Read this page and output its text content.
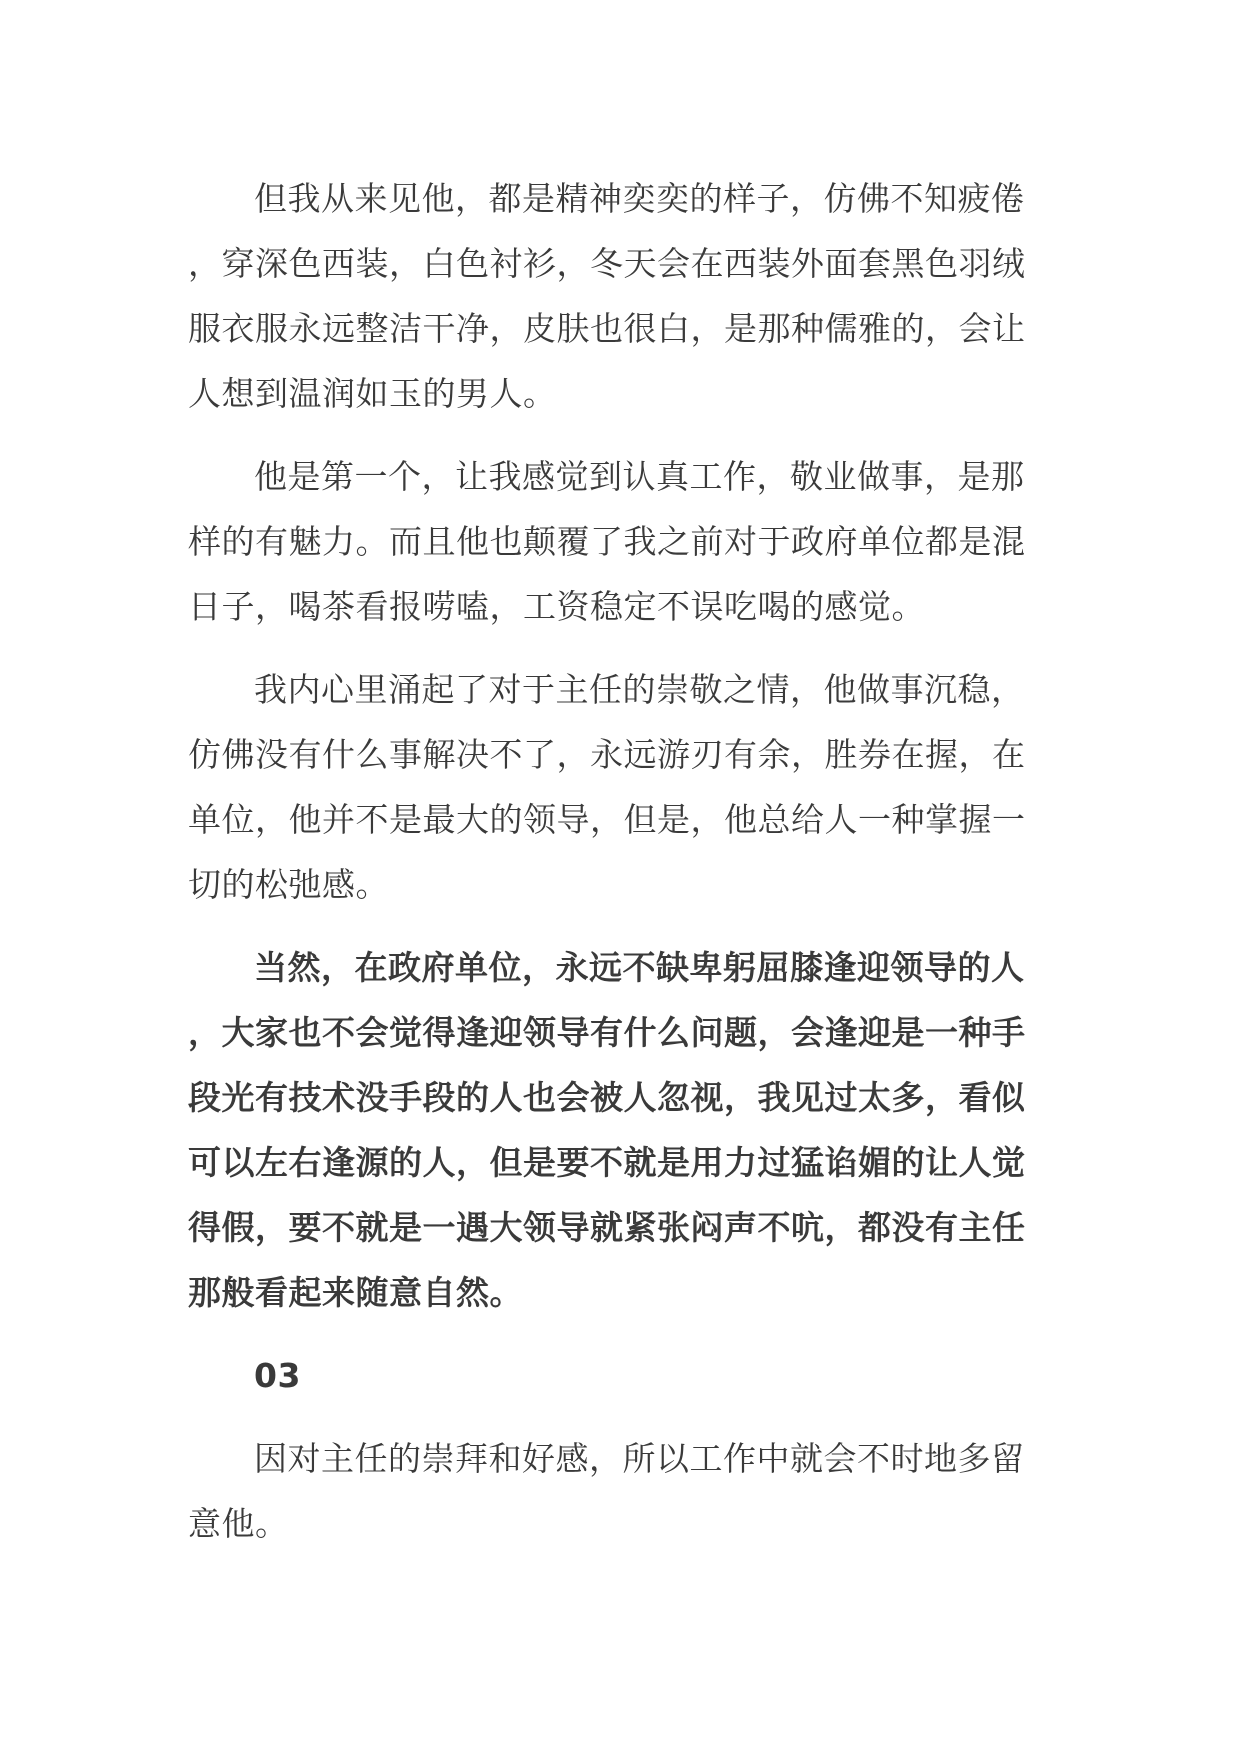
但我从来见他，都是精神奕奕的样子，仿佛不知疲倦，穿深色西装，白色衬衫，冬天会在西装外面套黑色羽绒服衣服永远整洁干净，皮肤也很白，是那种儒雅的，会让人想到温润如玉的男人。

他是第一个，让我感觉到认真工作，敬业做事，是那样的有魅力。而且他也颠覆了我之前对于政府单位都是混日子，喝茶看报唠嗑，工资稳定不误吃喝的感觉。

我内心里涌起了对于主任的崇敬之情，他做事沉稳，仿佛没有什么事解决不了，永远游刃有余，胜券在握，在单位，他并不是最大的领导，但是，他总给人一种掌握一切的松弛感。

当然，在政府单位，永远不缺卑躬屈膝逢迎领导的人，大家也不会觉得逢迎领导有什么问题，会逢迎是一种手段光有技术没手段的人也会被人忽视，我见过太多，看似可以左右逢源的人，但是要不就是用力过猛谄媚的让人觉得假，要不就是一遇大领导就紧张闷声不吭，都没有主任那般看起来随意自然。

03

因对主任的崇拜和好感，所以工作中就会不时地多留意他。
